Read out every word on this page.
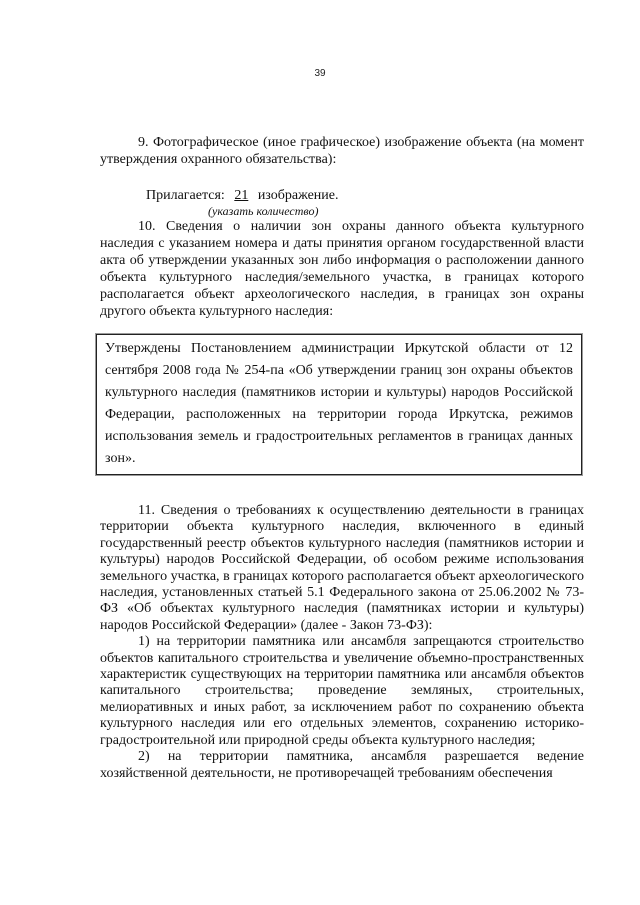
39

9. Фотографическое (иное графическое) изображение объекта (на момент утверждения охранного обязательства):

Прилагается: 21 изображение.

(указать количество)

10. Сведения о наличии зон охраны данного объекта культурного наследия с указанием номера и даты принятия органом государственной власти акта об утверждении указанных зон либо информация о расположении данного объекта культурного наследия/земельного участка, в границах которого располагается объект археологического наследия, в границах зон охраны другого объекта культурного наследия:

Утверждены Постановлением администрации Иркутской области от 12 сентября 2008 года № 254-па «Об утверждении границ зон охраны объектов культурного наследия (памятников истории и культуры) народов Российской Федерации, расположенных на территории города Иркутска, режимов использования земель и градостроительных регламентов в границах данных зон».

11. Сведения о требованиях к осуществлению деятельности в границах территории объекта культурного наследия, включенного в единый государственный реестр объектов культурного наследия (памятников истории и культуры) народов Российской Федерации, об особом режиме использования земельного участка, в границах которого располагается объект археологического наследия, установленных статьей 5.1 Федерального закона от 25.06.2002 № 73-ФЗ «Об объектах культурного наследия (памятниках истории и культуры) народов Российской Федерации» (далее - Закон 73-ФЗ):

1) на территории памятника или ансамбля запрещаются строительство объектов капитального строительства и увеличение объемно-пространственных характеристик существующих на территории памятника или ансамбля объектов капитального строительства; проведение земляных, строительных, мелиоративных и иных работ, за исключением работ по сохранению объекта культурного наследия или его отдельных элементов, сохранению историко-градостроительной или природной среды объекта культурного наследия;

2) на территории памятника, ансамбля разрешается ведение хозяйственной деятельности, не противоречащей требованиям обеспечения
